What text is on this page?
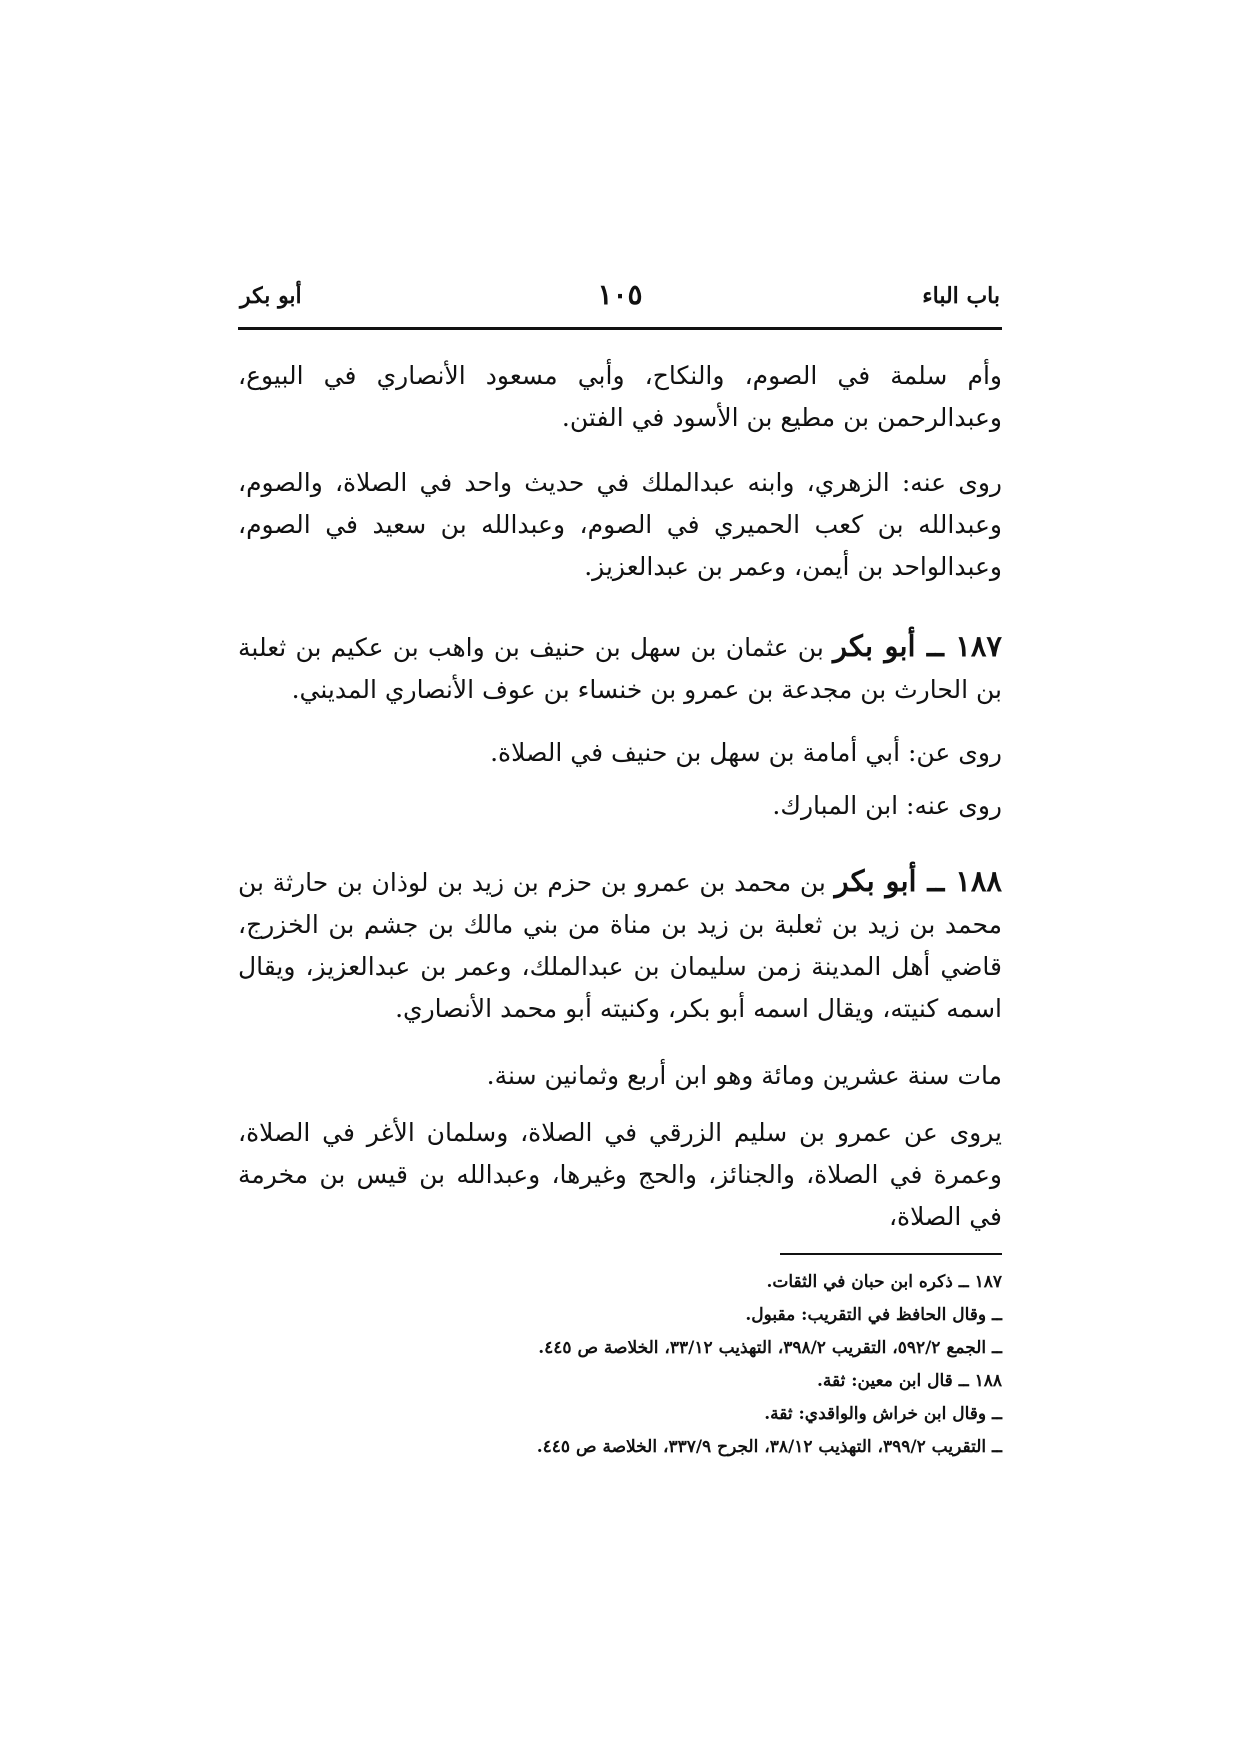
باب الباء
١٠٥
أبو بكر

وأم سلمة في الصوم، والنكاح، وأبي مسعود الأنصاري في البيوع، وعبدالرحمن بن مطيع بن الأسود في الفتن.

روى عنه: الزهري، وابنه عبدالملك في حديث واحد في الصلاة، والصوم، وعبدالله بن كعب الحميري في الصوم، وعبدالله بن سعيد في الصوم، وعبدالواحد بن أيمن، وعمر بن عبدالعزيز.

١٨٧ ــ أبو بكر بن عثمان بن سهل بن حنيف بن واهب بن عكيم بن ثعلبة بن الحارث بن مجدعة بن عمرو بن خنساء بن عوف الأنصاري المديني.

روى عن: أبي أمامة بن سهل بن حنيف في الصلاة.

روى عنه: ابن المبارك.

١٨٨ ــ أبو بكر بن محمد بن عمرو بن حزم بن زيد بن لوذان بن حارثة بن محمد بن زيد بن ثعلبة بن زيد بن مناة من بني مالك بن جشم بن الخزرج، قاضي أهل المدينة زمن سليمان بن عبدالملك، وعمر بن عبدالعزيز، ويقال اسمه كنيته، ويقال اسمه أبو بكر، وكنيته أبو محمد الأنصاري.

مات سنة عشرين ومائة وهو ابن أربع وثمانين سنة.

يروى عن عمرو بن سليم الزرقي في الصلاة، وسلمان الأغر في الصلاة، وعمرة في الصلاة، والجنائز، والحج وغيرها، وعبدالله بن قيس بن مخرمة في الصلاة،

١٨٧ ــ ذكره ابن حبان في الثقات.
ــ وقال الحافظ في التقريب: مقبول.
ــ الجمع ٥٩٢/٢، التقريب ٣٩٨/٢، التهذيب ٣٣/١٢، الخلاصة ص ٤٤٥.
١٨٨ ــ قال ابن معين: ثقة.
ــ وقال ابن خراش والواقدي: ثقة.
ــ التقريب ٣٩٩/٢، التهذيب ٣٨/١٢، الجرح ٣٣٧/٩، الخلاصة ص ٤٤٥.
